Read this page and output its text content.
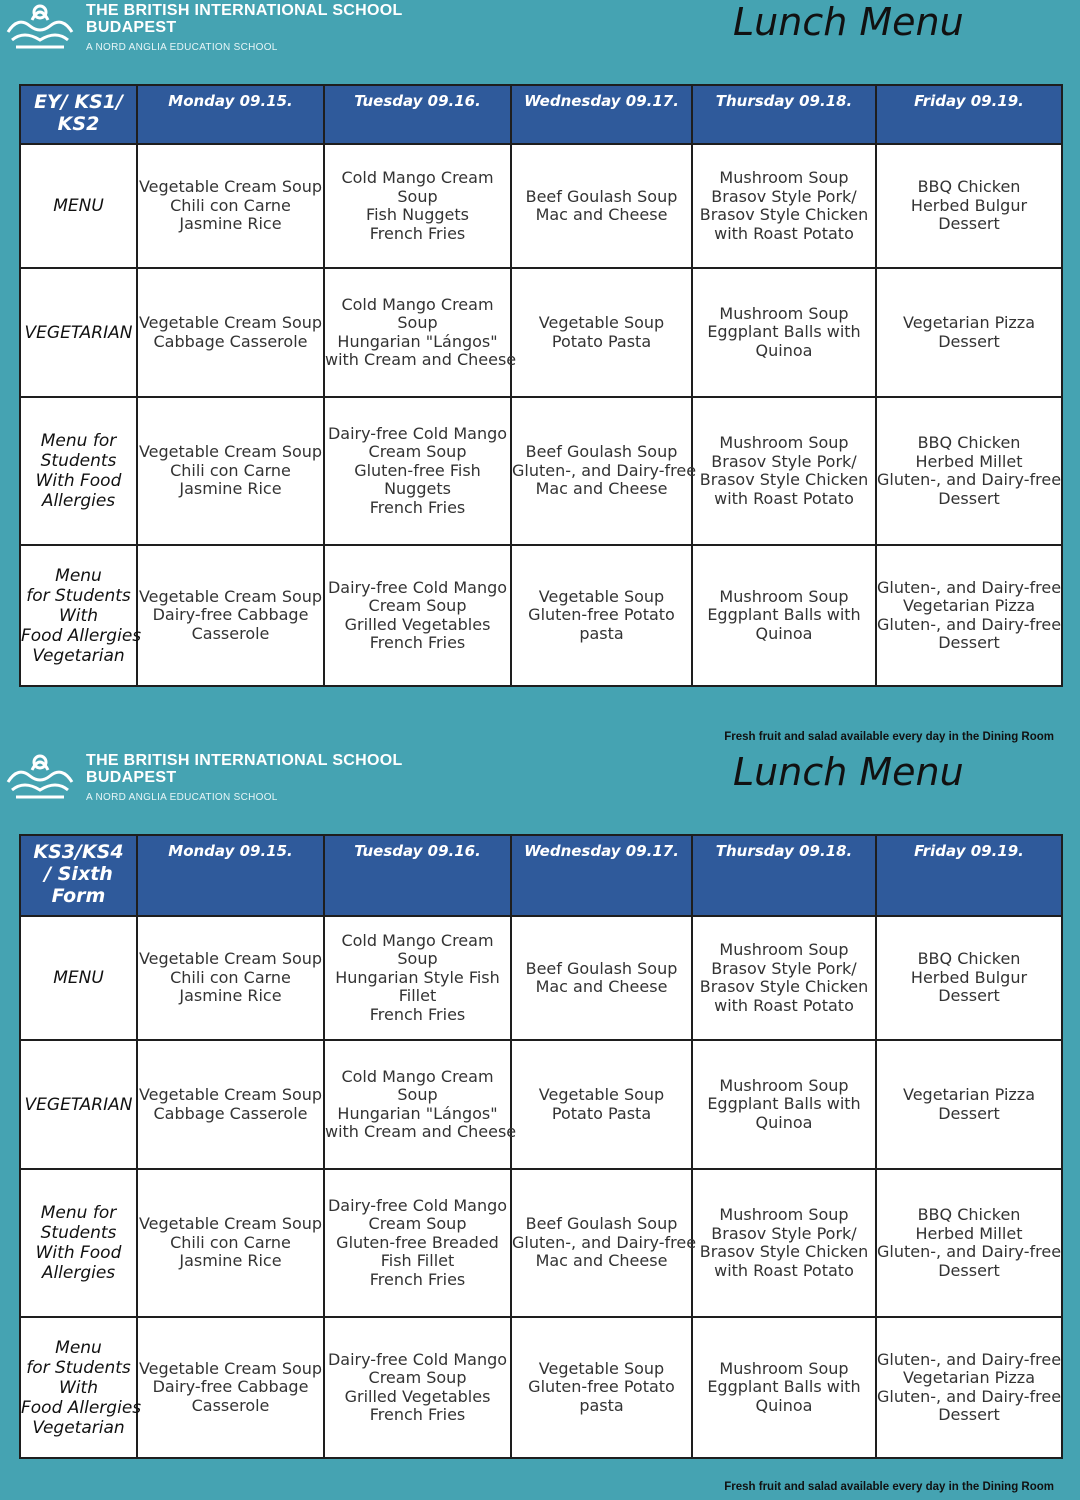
THE BRITISH INTERNATIONAL SCHOOL
BUDAPEST
A NORD ANGLIA EDUCATION SCHOOL
Lunch Menu
EY/ KS1/
KS2	Monday 09.15.	Tuesday 09.16.	Wednesday 09.17.	Thursday 09.18.	Friday 09.19.

MENU	Vegetable Cream Soup
Chili con Carne
Jasmine Rice	Cold Mango Cream
Soup
Fish Nuggets
French Fries	Beef Goulash Soup
Mac and Cheese	Mushroom Soup
Brasov Style Pork/
Brasov Style Chicken
with Roast Potato	BBQ Chicken
Herbed Bulgur
Dessert

VEGETARIAN	Vegetable Cream Soup
Cabbage Casserole	Cold Mango Cream
Soup
Hungarian "Lángos"
with Cream and Cheese	Vegetable Soup
Potato Pasta	Mushroom Soup
Eggplant Balls with
Quinoa	Vegetarian Pizza
Dessert

Menu for
Students
With Food
Allergies	Vegetable Cream Soup
Chili con Carne
Jasmine Rice	Dairy-free Cold Mango
Cream Soup
Gluten-free Fish
Nuggets
French Fries	Beef Goulash Soup
Gluten-, and Dairy-free
Mac and Cheese	Mushroom Soup
Brasov Style Pork/
Brasov Style Chicken
with Roast Potato	BBQ Chicken
Herbed Millet
Gluten-, and Dairy-free
Dessert

Menu
for Students
With
Food Allergies
Vegetarian	Vegetable Cream Soup
Dairy-free Cabbage
Casserole	Dairy-free Cold Mango
Cream Soup
Grilled Vegetables
French Fries	Vegetable Soup
Gluten-free Potato
pasta	Mushroom Soup
Eggplant Balls with
Quinoa	Gluten-, and Dairy-free
Vegetarian Pizza
Gluten-, and Dairy-free
Dessert
Fresh fruit and salad available every day in the Dining Room
THE BRITISH INTERNATIONAL SCHOOL
BUDAPEST
A NORD ANGLIA EDUCATION SCHOOL
Lunch Menu
KS3/KS4
/ Sixth
Form	Monday 09.15.	Tuesday 09.16.	Wednesday 09.17.	Thursday 09.18.	Friday 09.19.

MENU	Vegetable Cream Soup
Chili con Carne
Jasmine Rice	Cold Mango Cream
Soup
Hungarian Style Fish
Fillet
French Fries	Beef Goulash Soup
Mac and Cheese	Mushroom Soup
Brasov Style Pork/
Brasov Style Chicken
with Roast Potato	BBQ Chicken
Herbed Bulgur
Dessert

VEGETARIAN	Vegetable Cream Soup
Cabbage Casserole	Cold Mango Cream
Soup
Hungarian "Lángos"
with Cream and Cheese	Vegetable Soup
Potato Pasta	Mushroom Soup
Eggplant Balls with
Quinoa	Vegetarian Pizza
Dessert

Menu for
Students
With Food
Allergies	Vegetable Cream Soup
Chili con Carne
Jasmine Rice	Dairy-free Cold Mango
Cream Soup
Gluten-free Breaded
Fish Fillet
French Fries	Beef Goulash Soup
Gluten-, and Dairy-free
Mac and Cheese	Mushroom Soup
Brasov Style Pork/
Brasov Style Chicken
with Roast Potato	BBQ Chicken
Herbed Millet
Gluten-, and Dairy-free
Dessert

Menu
for Students
With
Food Allergies
Vegetarian	Vegetable Cream Soup
Dairy-free Cabbage
Casserole	Dairy-free Cold Mango
Cream Soup
Grilled Vegetables
French Fries	Vegetable Soup
Gluten-free Potato
pasta	Mushroom Soup
Eggplant Balls with
Quinoa	Gluten-, and Dairy-free
Vegetarian Pizza
Gluten-, and Dairy-free
Dessert
Fresh fruit and salad available every day in the Dining Room
